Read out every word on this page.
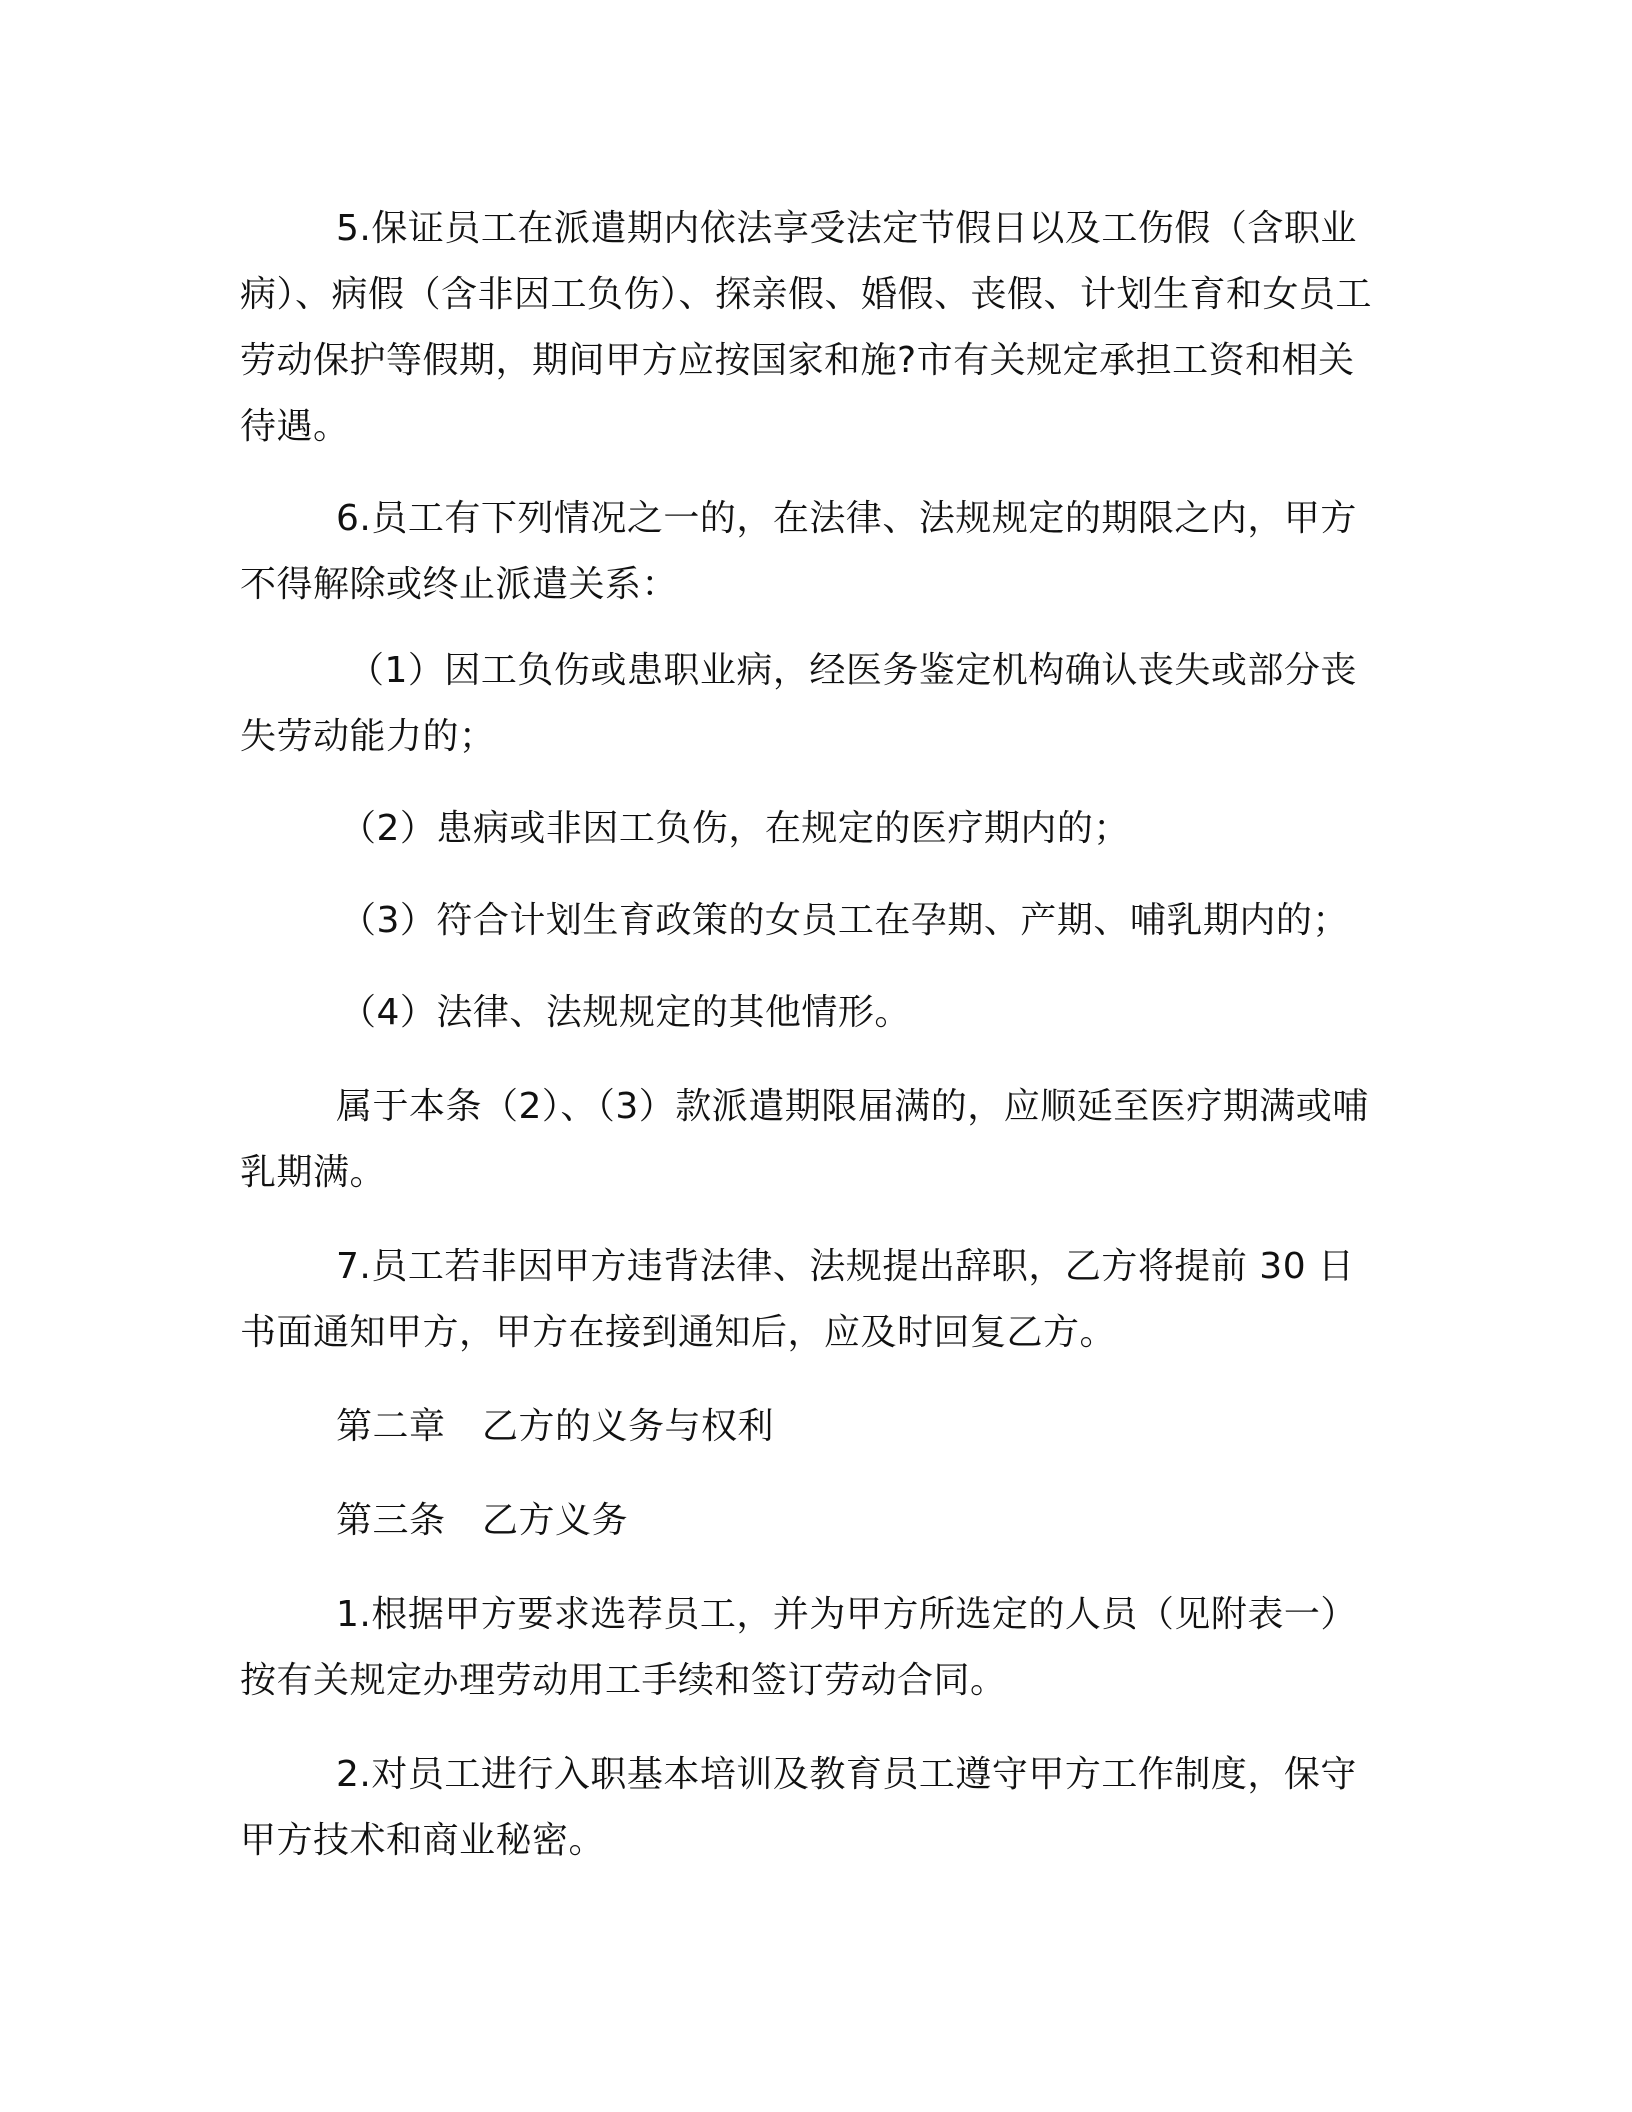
5.保证员工在派遣期内依法享受法定节假日以及工伤假（含职业病）、病假（含非因工负伤）、探亲假、婚假、丧假、计划生育和女员工劳动保护等假期，期间甲方应按国家和施?市有关规定承担工资和相关待遇。

6.员工有下列情况之一的，在法律、法规规定的期限之内，甲方不得解除或终止派遣关系：

（1）因工负伤或患职业病，经医务鉴定机构确认丧失或部分丧失劳动能力的；

（2）患病或非因工负伤，在规定的医疗期内的；

（3）符合计划生育政策的女员工在孕期、产期、哺乳期内的；

（4）法律、法规规定的其他情形。

属于本条（2）、（3）款派遣期限届满的，应顺延至医疗期满或哺乳期满。

7.员工若非因甲方违背法律、法规提出辞职，乙方将提前 30 日书面通知甲方，甲方在接到通知后，应及时回复乙方。

第二章　乙方的义务与权利

第三条　乙方义务

1.根据甲方要求选荐员工，并为甲方所选定的人员（见附表一）按有关规定办理劳动用工手续和签订劳动合同。

2.对员工进行入职基本培训及教育员工遵守甲方工作制度，保守甲方技术和商业秘密。
